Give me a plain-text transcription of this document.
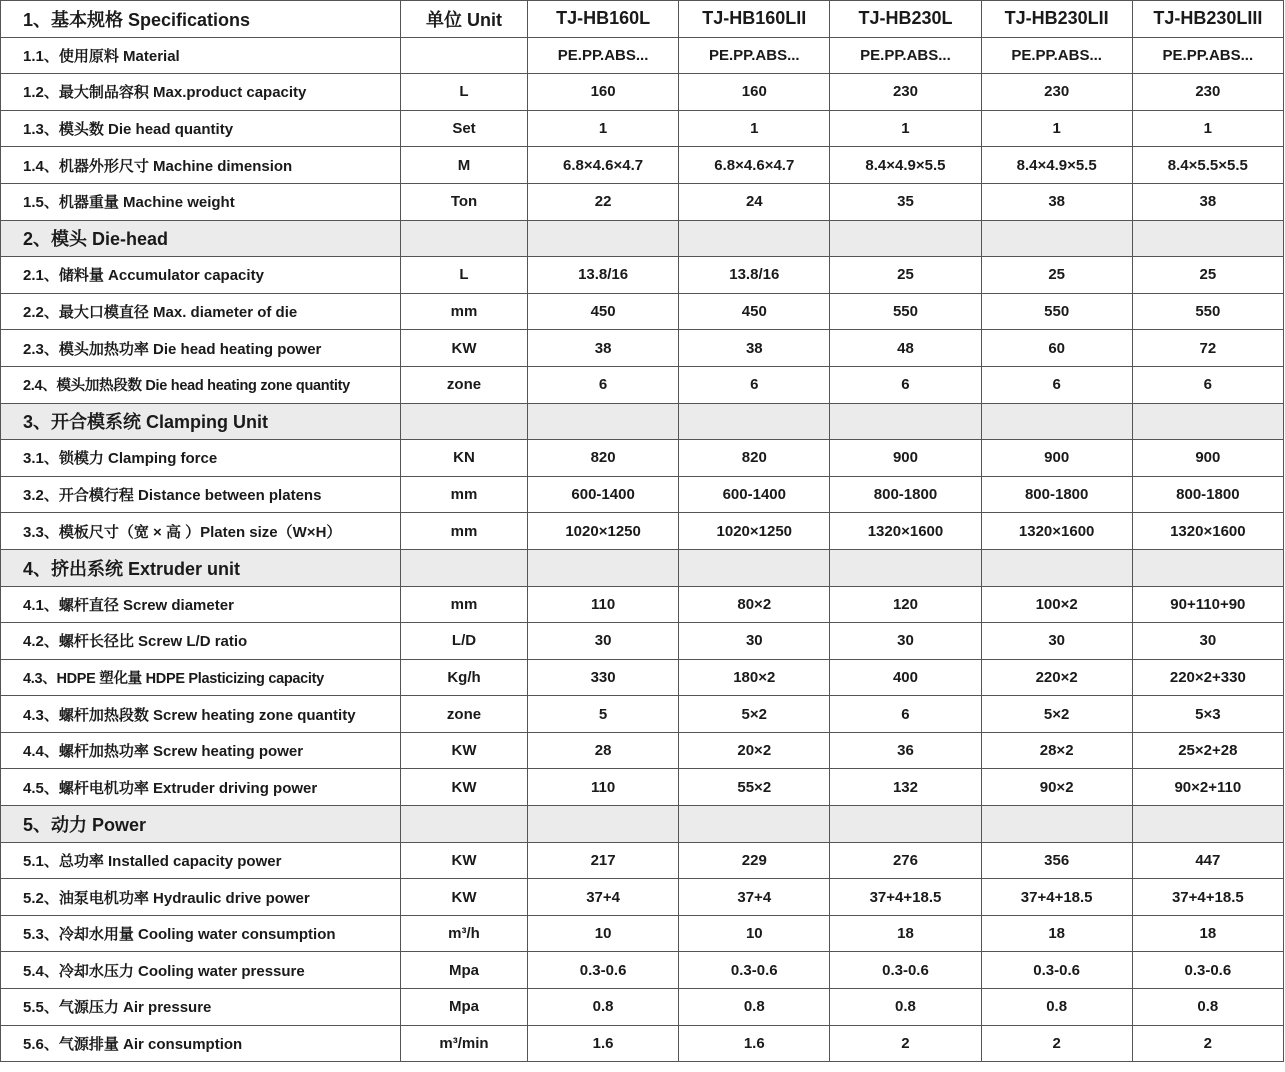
1、基本规格 Specifications	单位 Unit	TJ-HB160L	TJ-HB160LII	TJ-HB230L	TJ-HB230LII	TJ-HB230LIII
1.1、使用原料 Material		PE.PP.ABS...	PE.PP.ABS...	PE.PP.ABS...	PE.PP.ABS...	PE.PP.ABS...
1.2、最大制品容积 Max.product capacity	L	160	160	230	230	230
1.3、模头数 Die head quantity	Set	1	1	1	1	1
1.4、机器外形尺寸 Machine dimension	M	6.8×4.6×4.7	6.8×4.6×4.7	8.4×4.9×5.5	8.4×4.9×5.5	8.4×5.5×5.5
1.5、机器重量 Machine weight	Ton	22	24	35	38	38
2、模头 Die-head						
2.1、储料量 Accumulator capacity	L	13.8/16	13.8/16	25	25	25
2.2、最大口模直径 Max. diameter of die	mm	450	450	550	550	550
2.3、模头加热功率 Die head heating power	KW	38	38	48	60	72
2.4、模头加热段数 Die head heating zone quantity	zone	6	6	6	6	6
3、开合模系统 Clamping Unit						
3.1、锁模力 Clamping force	KN	820	820	900	900	900
3.2、开合模行程 Distance between platens	mm	600-1400	600-1400	800-1800	800-1800	800-1800
3.3、模板尺寸（宽 × 高 ）Platen size（W×H）	mm	1020×1250	1020×1250	1320×1600	1320×1600	1320×1600
4、挤出系统 Extruder unit						
4.1、螺杆直径 Screw diameter	mm	110	80×2	120	100×2	90+110+90
4.2、螺杆长径比 Screw L/D ratio	L/D	30	30	30	30	30
4.3、HDPE 塑化量 HDPE Plasticizing capacity	Kg/h	330	180×2	400	220×2	220×2+330
4.3、螺杆加热段数 Screw heating zone quantity	zone	5	5×2	6	5×2	5×3
4.4、螺杆加热功率 Screw heating power	KW	28	20×2	36	28×2	25×2+28
4.5、螺杆电机功率 Extruder driving power	KW	110	55×2	132	90×2	90×2+110
5、动力 Power						
5.1、总功率 Installed capacity power	KW	217	229	276	356	447
5.2、油泵电机功率 Hydraulic drive power	KW	37+4	37+4	37+4+18.5	37+4+18.5	37+4+18.5
5.3、冷却水用量 Cooling water consumption	m³/h	10	10	18	18	18
5.4、冷却水压力 Cooling water pressure	Mpa	0.3-0.6	0.3-0.6	0.3-0.6	0.3-0.6	0.3-0.6
5.5、气源压力 Air pressure	Mpa	0.8	0.8	0.8	0.8	0.8
5.6、气源排量 Air consumption	m³/min	1.6	1.6	2	2	2
